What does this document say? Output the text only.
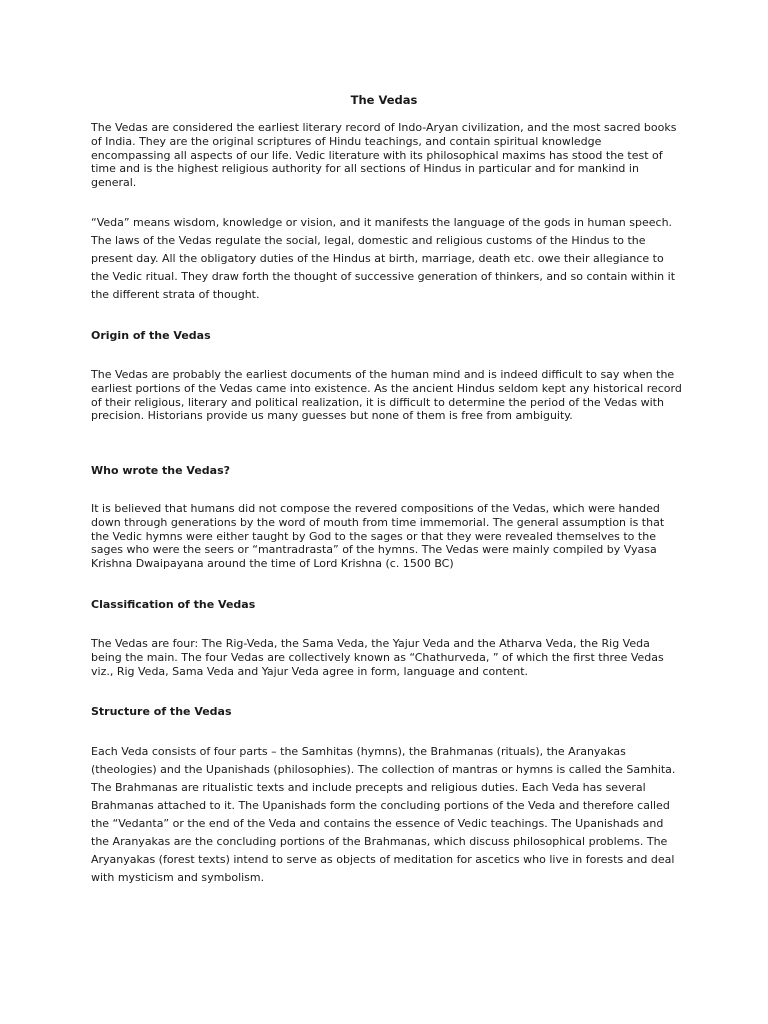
The Vedas

The Vedas are considered the earliest literary record of Indo-Aryan civilization, and the most sacred books of India. They are the original scriptures of Hindu teachings, and contain spiritual knowledge encompassing all aspects of our life. Vedic literature with its philosophical maxims has stood the test of time and is the highest religious authority for all sections of Hindus in particular and for mankind in general.

“Veda” means wisdom, knowledge or vision, and it manifests the language of the gods in human speech. The laws of the Vedas regulate the social, legal, domestic and religious customs of the Hindus to the present day. All the obligatory duties of the Hindus at birth, marriage, death etc. owe their allegiance to the Vedic ritual. They draw forth the thought of successive generation of thinkers, and so contain within it the different strata of thought.

Origin of the Vedas

The Vedas are probably the earliest documents of the human mind and is indeed difficult to say when the earliest portions of the Vedas came into existence. As the ancient Hindus seldom kept any historical record of their religious, literary and political realization, it is difficult to determine the period of the Vedas with precision. Historians provide us many guesses but none of them is free from ambiguity.

Who wrote the Vedas?

It is believed that humans did not compose the revered compositions of the Vedas, which were handed down through generations by the word of mouth from time immemorial. The general assumption is that the Vedic hymns were either taught by God to the sages or that they were revealed themselves to the sages who were the seers or “mantradrasta” of the hymns. The Vedas were mainly compiled by Vyasa Krishna Dwaipayana around the time of Lord Krishna (c. 1500 BC)

Classification of the Vedas

The Vedas are four: The Rig-Veda, the Sama Veda, the Yajur Veda and the Atharva Veda, the Rig Veda being the main. The four Vedas are collectively known as “Chathurveda, ” of which the first three Vedas viz., Rig Veda, Sama Veda and Yajur Veda agree in form, language and content.

Structure of the Vedas

Each Veda consists of four parts – the Samhitas (hymns), the Brahmanas (rituals), the Aranyakas (theologies) and the Upanishads (philosophies). The collection of mantras or hymns is called the Samhita. The Brahmanas are ritualistic texts and include precepts and religious duties. Each Veda has several Brahmanas attached to it. The Upanishads form the concluding portions of the Veda and therefore called the “Vedanta” or the end of the Veda and contains the essence of Vedic teachings. The Upanishads and the Aranyakas are the concluding portions of the Brahmanas, which discuss philosophical problems. The Aryanyakas (forest texts) intend to serve as objects of meditation for ascetics who live in forests and deal with mysticism and symbolism.
